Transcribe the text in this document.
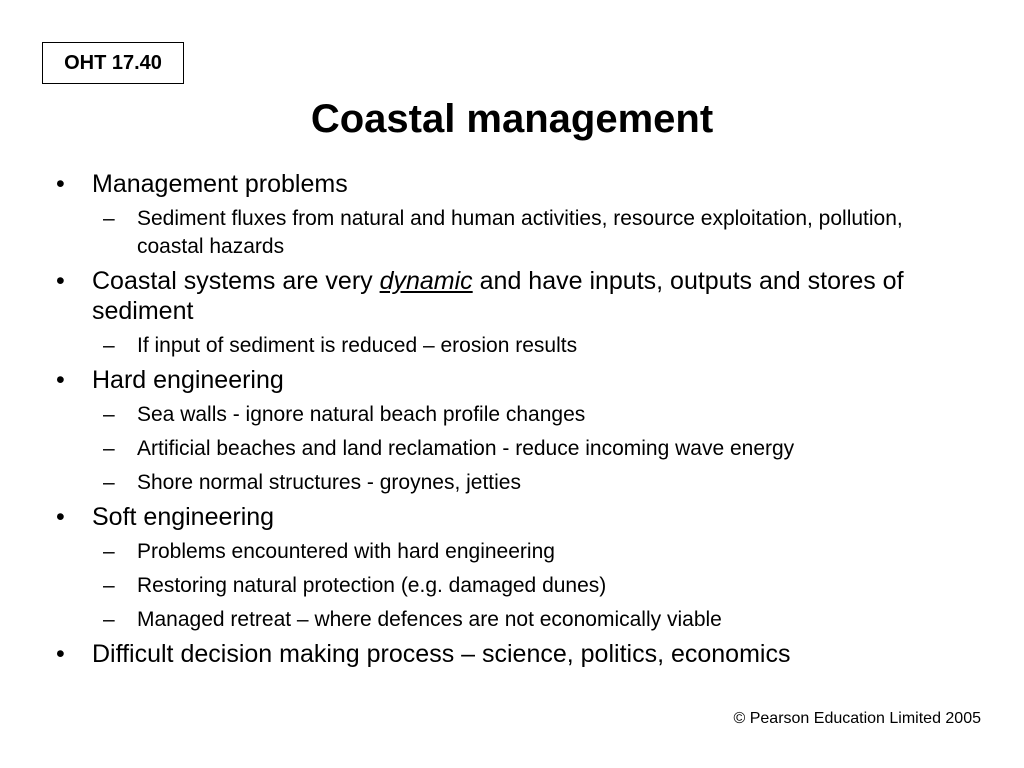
OHT 17.40
Coastal management
• Management problems
– Sediment fluxes from natural and human activities, resource exploitation, pollution, coastal hazards
• Coastal systems are very dynamic and have inputs, outputs and stores of sediment
– If input of sediment is reduced – erosion results
• Hard engineering
– Sea walls - ignore natural beach profile changes
– Artificial beaches and land reclamation - reduce incoming wave energy
– Shore normal structures - groynes, jetties
• Soft engineering
– Problems encountered with hard engineering
– Restoring natural protection (e.g. damaged dunes)
– Managed retreat – where defences are not economically viable
• Difficult decision making process – science, politics, economics
© Pearson Education Limited 2005
